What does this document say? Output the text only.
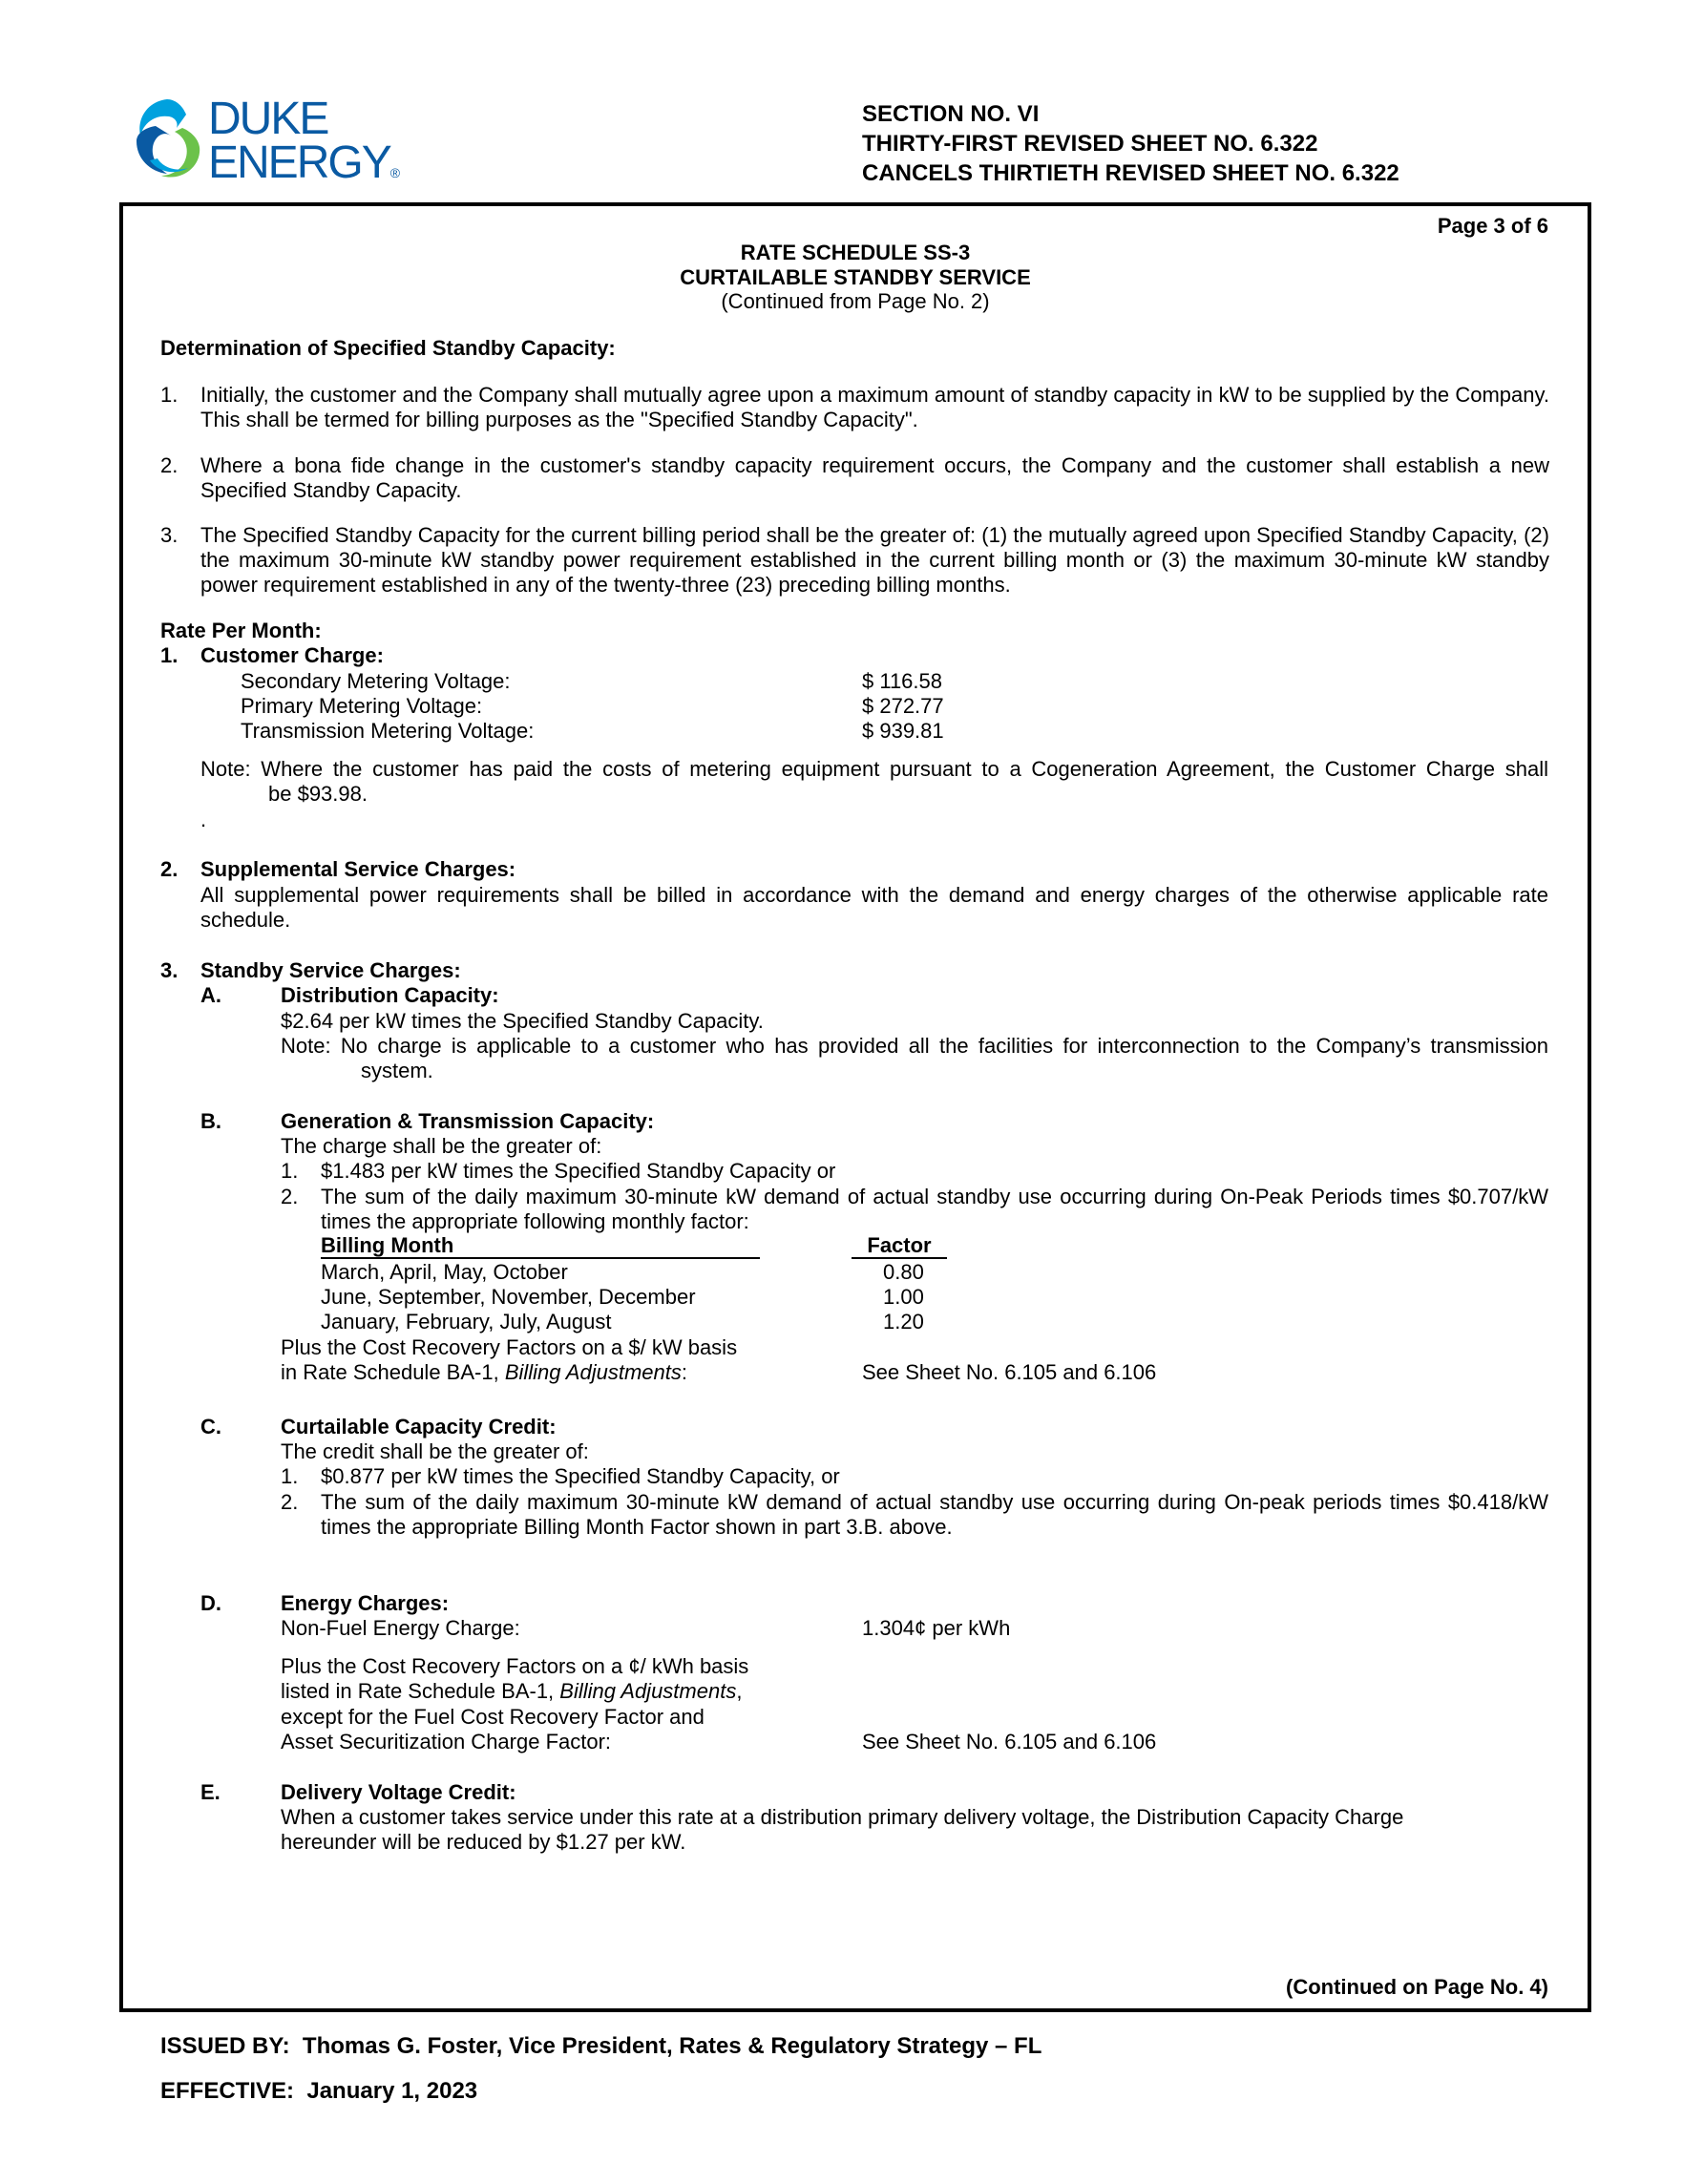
DUKE
ENERGY®
SECTION NO. VI
THIRTY-FIRST REVISED SHEET NO. 6.322
CANCELS THIRTIETH REVISED SHEET NO. 6.322
Page 3 of 6
RATE SCHEDULE SS-3
CURTAILABLE STANDBY SERVICE
(Continued from Page No. 2)
Determination of Specified Standby Capacity:
1. Initially, the customer and the Company shall mutually agree upon a maximum amount of standby capacity in kW to be supplied by the Company. This shall be termed for billing purposes as the "Specified Standby Capacity".
2. Where a bona fide change in the customer's standby capacity requirement occurs, the Company and the customer shall establish a new Specified Standby Capacity.
3. The Specified Standby Capacity for the current billing period shall be the greater of: (1) the mutually agreed upon Specified Standby Capacity, (2) the maximum 30-minute kW standby power requirement established in the current billing month or (3) the maximum 30-minute kW standby power requirement established in any of the twenty-three (23) preceding billing months.
Rate Per Month:
1. Customer Charge:
Secondary Metering Voltage:	$ 116.58
Primary Metering Voltage:	$ 272.77
Transmission Metering Voltage:	$ 939.81
Note: Where the customer has paid the costs of metering equipment pursuant to a Cogeneration Agreement, the Customer Charge shall
be $93.98.
.
2. Supplemental Service Charges:
All supplemental power requirements shall be billed in accordance with the demand and energy charges of the otherwise applicable rate schedule.
3. Standby Service Charges:
A.	Distribution Capacity:
$2.64 per kW times the Specified Standby Capacity.
Note: No charge is applicable to a customer who has provided all the facilities for interconnection to the Company’s transmission
system.
B.	Generation & Transmission Capacity:
The charge shall be the greater of:
1. $1.483 per kW times the Specified Standby Capacity or
2. The sum of the daily maximum 30-minute kW demand of actual standby use occurring during On-Peak Periods times $0.707/kW times the appropriate following monthly factor:
Billing Month	Factor
March, April, May, October	0.80
June, September, November, December	1.00
January, February, July, August	1.20
Plus the Cost Recovery Factors on a $/ kW basis
in Rate Schedule BA-1, Billing Adjustments:	See Sheet No. 6.105 and 6.106
C.	Curtailable Capacity Credit:
The credit shall be the greater of:
1. $0.877 per kW times the Specified Standby Capacity, or
2. The sum of the daily maximum 30-minute kW demand of actual standby use occurring during On-peak periods times $0.418/kW times the appropriate Billing Month Factor shown in part 3.B. above.
D.	Energy Charges:
Non-Fuel Energy Charge:	1.304¢ per kWh
Plus the Cost Recovery Factors on a ¢/ kWh basis
listed in Rate Schedule BA-1, Billing Adjustments,
except for the Fuel Cost Recovery Factor and
Asset Securitization Charge Factor:	See Sheet No. 6.105 and 6.106
E.	Delivery Voltage Credit:
When a customer takes service under this rate at a distribution primary delivery voltage, the Distribution Capacity Charge
hereunder will be reduced by $1.27 per kW.
(Continued on Page No. 4)
ISSUED BY: Thomas G. Foster, Vice President, Rates & Regulatory Strategy – FL
EFFECTIVE: January 1, 2023
